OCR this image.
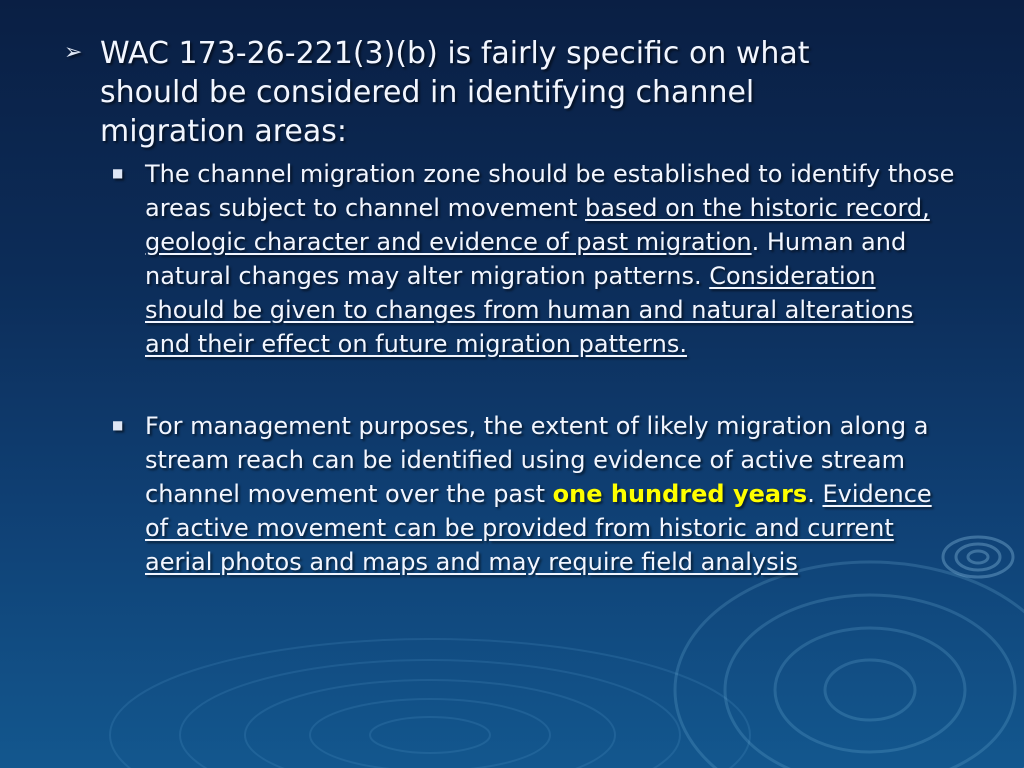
➢ WAC 173-26-221(3)(b) is fairly specific on what should be considered in identifying channel migration areas:
■ The channel migration zone should be established to identify those areas subject to channel movement based on the historic record, geologic character and evidence of past migration. Human and natural changes may alter migration patterns. Consideration should be given to changes from human and natural alterations and their effect on future migration patterns.
■ For management purposes, the extent of likely migration along a stream reach can be identified using evidence of active stream channel movement over the past one hundred years. Evidence of active movement can be provided from historic and current aerial photos and maps and may require field analysis
